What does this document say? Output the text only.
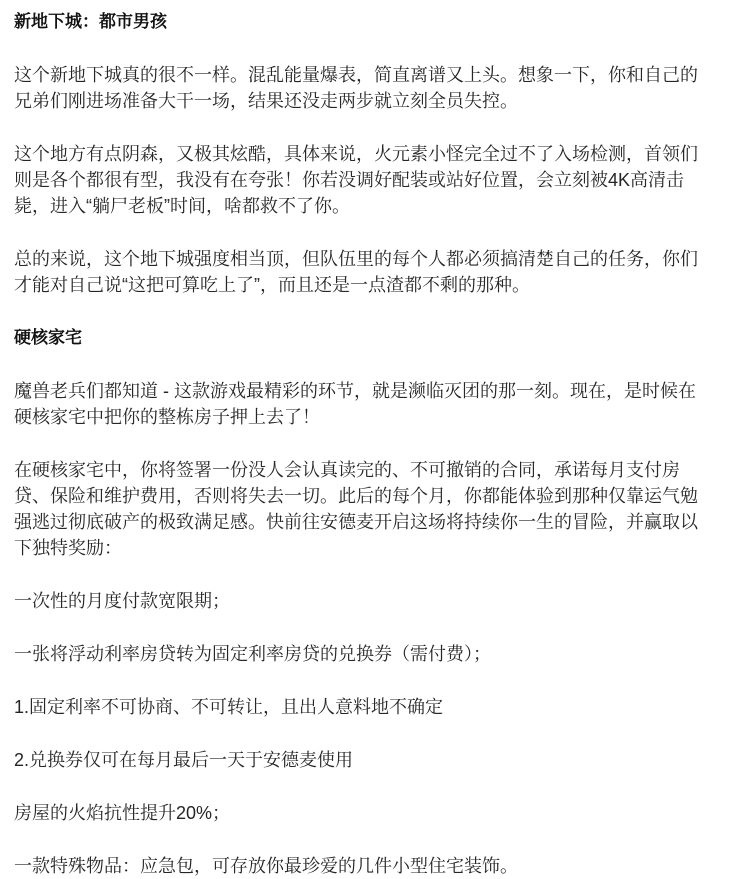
新地下城：都市男孩

这个新地下城真的很不一样。混乱能量爆表，简直离谱又上头。想象一下，你和自己的兄弟们刚进场准备大干一场，结果还没走两步就立刻全员失控。

这个地方有点阴森，又极其炫酷，具体来说，火元素小怪完全过不了入场检测，首领们则是各个都很有型，我没有在夸张！你若没调好配装或站好位置，会立刻被4K高清击毙，进入“躺尸老板”时间，啥都救不了你。

总的来说，这个地下城强度相当顶，但队伍里的每个人都必须搞清楚自己的任务，你们才能对自己说“这把可算吃上了”，而且还是一点渣都不剩的那种。

硬核家宅

魔兽老兵们都知道 - 这款游戏最精彩的环节，就是濒临灭团的那一刻。现在，是时候在硬核家宅中把你的整栋房子押上去了！

在硬核家宅中，你将签署一份没人会认真读完的、不可撤销的合同，承诺每月支付房贷、保险和维护费用，否则将失去一切。此后的每个月，你都能体验到那种仅靠运气勉强逃过彻底破产的极致满足感。快前往安德麦开启这场将持续你一生的冒险，并赢取以下独特奖励：

一次性的月度付款宽限期；

一张将浮动利率房贷转为固定利率房贷的兑换券（需付费）；

1.固定利率不可协商、不可转让，且出人意料地不确定

2.兑换券仅可在每月最后一天于安德麦使用

房屋的火焰抗性提升20%；

一款特殊物品：应急包，可存放你最珍爱的几件小型住宅装饰。
